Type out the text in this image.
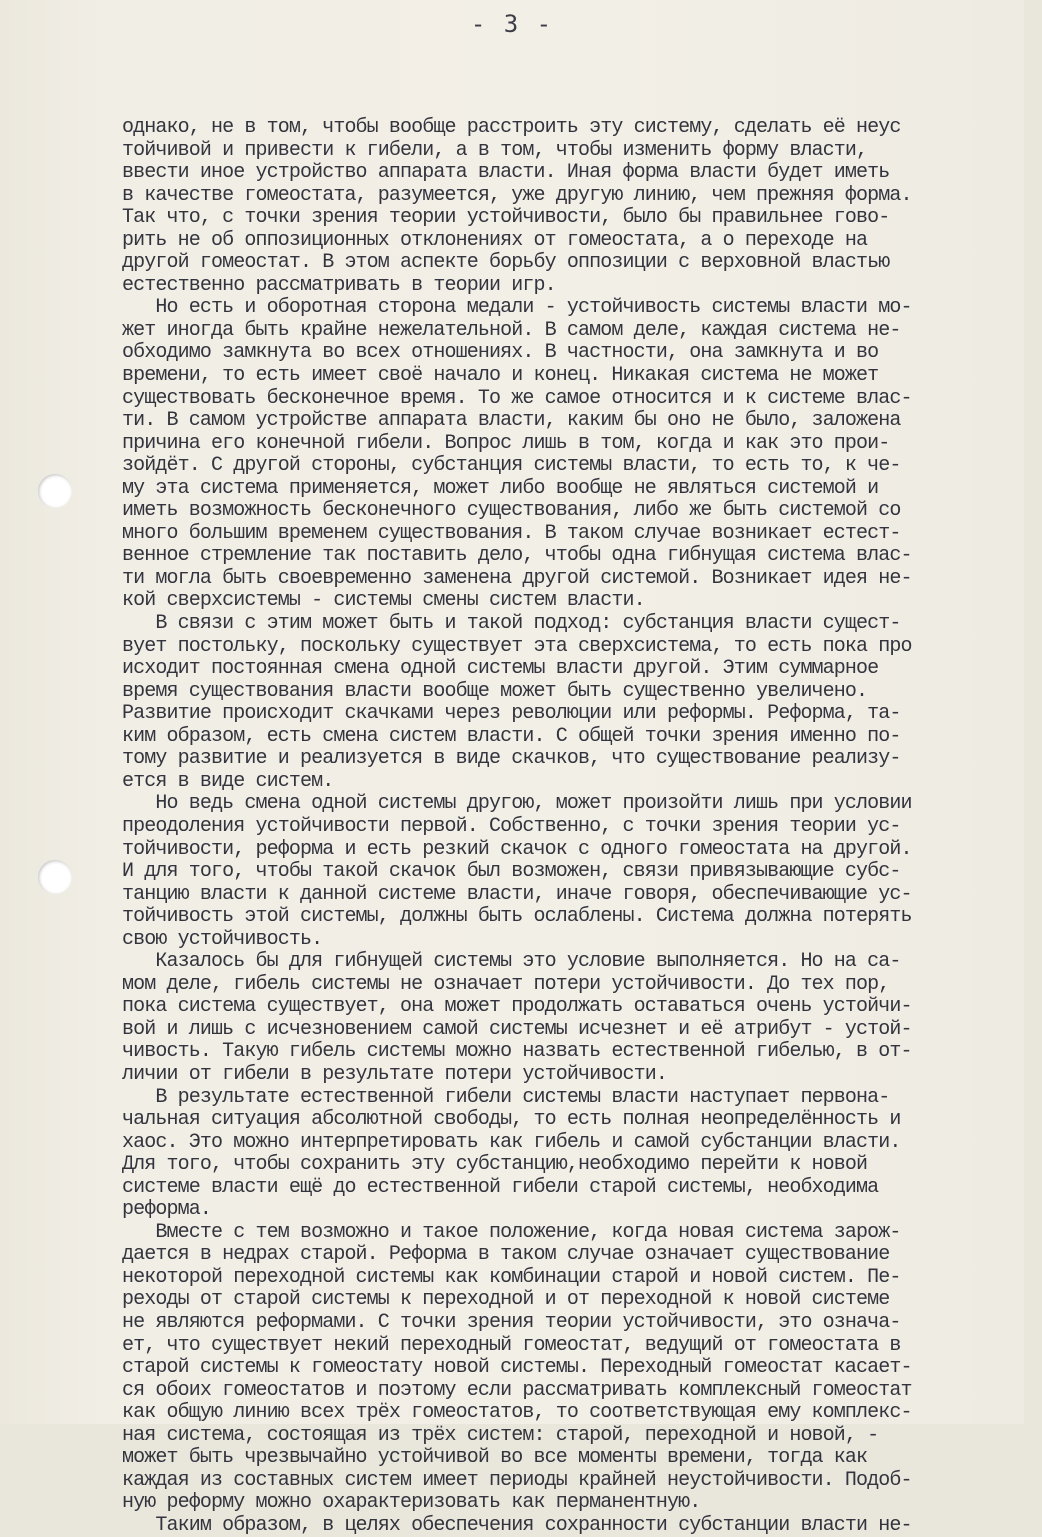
- 3 -
однако, не в том, чтобы вообще расстроить эту систему, сделать её неус
тойчивой и привести к гибели, а в том, чтобы изменить форму власти,
ввести иное устройство аппарата власти. Иная форма власти будет иметь
в качестве гомеостата, разумеется, уже другую линию, чем прежняя форма.
Так что, с точки зрения теории устойчивости, было бы правильнее гово-
рить не об оппозиционных отклонениях от гомеостата, а о переходе на
другой гомеостат. В этом аспекте борьбу оппозиции с верховной властью
естественно рассматривать в теории игр.
Но есть и оборотная сторона медали - устойчивость системы власти мо-
жет иногда быть крайне нежелательной. В самом деле, каждая система не-
обходимо замкнута во всех отношениях. В частности, она замкнута и во
времени, то есть имеет своё начало и конец. Никакая система не может
существовать бесконечное время. То же самое относится и к системе влас-
ти. В самом устройстве аппарата власти, каким бы оно не было, заложена
причина его конечной гибели. Вопрос лишь в том, когда и как это прои-
зойдёт. С другой стороны, субстанция системы власти, то есть то, к че-
му эта система применяется, может либо вообще не являться системой и
иметь возможность бесконечного существования, либо же быть системой со
много большим временем существования. В таком случае возникает естест-
венное стремление так поставить дело, чтобы одна гибнущая система влас-
ти могла быть своевременно заменена другой системой. Возникает идея не-
кой сверхсистемы - системы смены систем власти.
В связи с этим может быть и такой подход: субстанция власти сущест-
вует постольку, поскольку существует эта сверхсистема, то есть пока про
исходит постоянная смена одной системы власти другой. Этим суммарное
время существования власти вообще может быть существенно увеличено.
Развитие происходит скачками через революции или реформы. Реформа, та-
ким образом, есть смена систем власти. С общей точки зрения именно по-
тому развитие и реализуется в виде скачков, что существование реализу-
ется в виде систем.
Но ведь смена одной системы другою, может произойти лишь при условии
преодоления устойчивости первой. Собственно, с точки зрения теории ус-
тойчивости, реформа и есть резкий скачок с одного гомеостата на другой.
И для того, чтобы такой скачок был возможен, связи привязывающие субс-
танцию власти к данной системе власти, иначе говоря, обеспечивающие ус-
тойчивость этой системы, должны быть ослаблены. Система должна потерять
свою устойчивость.
Казалось бы для гибнущей системы это условие выполняется. Но на са-
мом деле, гибель системы не означает потери устойчивости. До тех пор,
пока система существует, она может продолжать оставаться очень устойчи-
вой и лишь с исчезновением самой системы исчезнет и её атрибут - устой-
чивость. Такую гибель системы можно назвать естественной гибелью, в от-
личии от гибели в результате потери устойчивости.
В результате естественной гибели системы власти наступает первона-
чальная ситуация абсолютной свободы, то есть полная неопределённость и
хаос. Это можно интерпретировать как гибель и самой субстанции власти.
Для того, чтобы сохранить эту субстанцию,необходимо перейти к новой
системе власти ещё до естественной гибели старой системы, необходима
реформа.
Вместе с тем возможно и такое положение, когда новая система зарож-
дается в недрах старой. Реформа в таком случае означает существование
некоторой переходной системы как комбинации старой и новой систем. Пе-
реходы от старой системы к переходной и от переходной к новой системе
не являются реформами. С точки зрения теории устойчивости, это означа-
ет, что существует некий переходный гомеостат, ведущий от гомеостата в
старой системы к гомеостату новой системы. Переходный гомеостат касает-
ся обоих гомеостатов и поэтому если рассматривать комплексный гомеостат
как общую линию всех трёх гомеостатов, то соответствующая ему комплекс-
ная система, состоящая из трёх систем: старой, переходной и новой, -
может быть чрезвычайно устойчивой во все моменты времени, тогда как
каждая из составных систем имеет периоды крайней неустойчивости. Подоб-
ную реформу можно охарактеризовать как перманентную.
Таким образом, в целях обеспечения сохранности субстанции власти не-
